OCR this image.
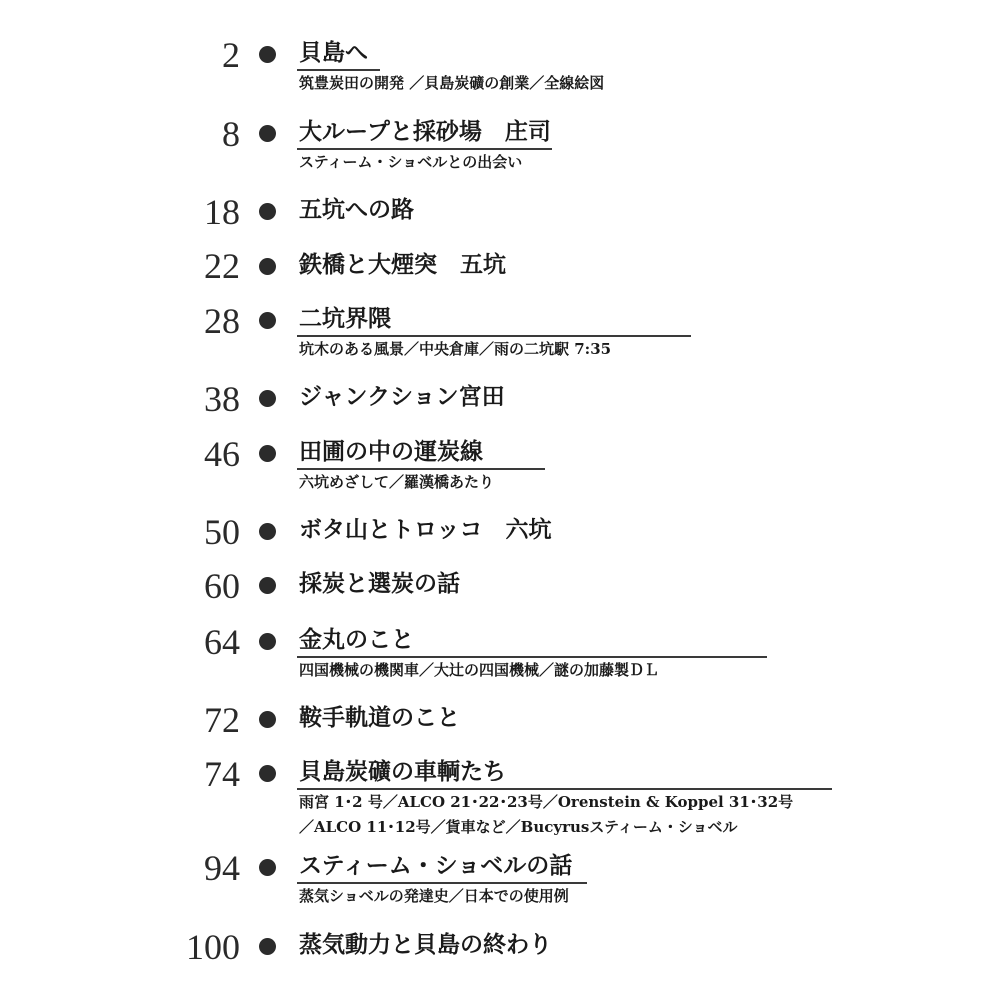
2	貝島へ
筑豊炭田の開発 ／貝島炭礦の創業／全線絵図
8	大ループと採砂場　庄司
スティーム・ショベルとの出会い
18	五坑への路
22	鉄橋と大煙突　五坑
28	二坑界隈
坑木のある風景／中央倉庫／雨の二坑駅 7:35
38	ジャンクション宮田
46	田圃の中の運炭線
六坑めざして／羅漢橋あたり
50	ボタ山とトロッコ　六坑
60	採炭と選炭の話
64	金丸のこと
四国機械の機関車／大辻の四国機械／謎の加藤製ＤＬ
72	鞍手軌道のこと
74	貝島炭礦の車輌たち
雨宮 1･2 号／ALCO 21･22･23号／Orenstein & Koppel 31･32号
／ALCO 11･12号／貨車など／Bucyrusスティーム・ショベル
94	スティーム・ショベルの話
蒸気ショベルの発達史／日本での使用例
100	蒸気動力と貝島の終わり
